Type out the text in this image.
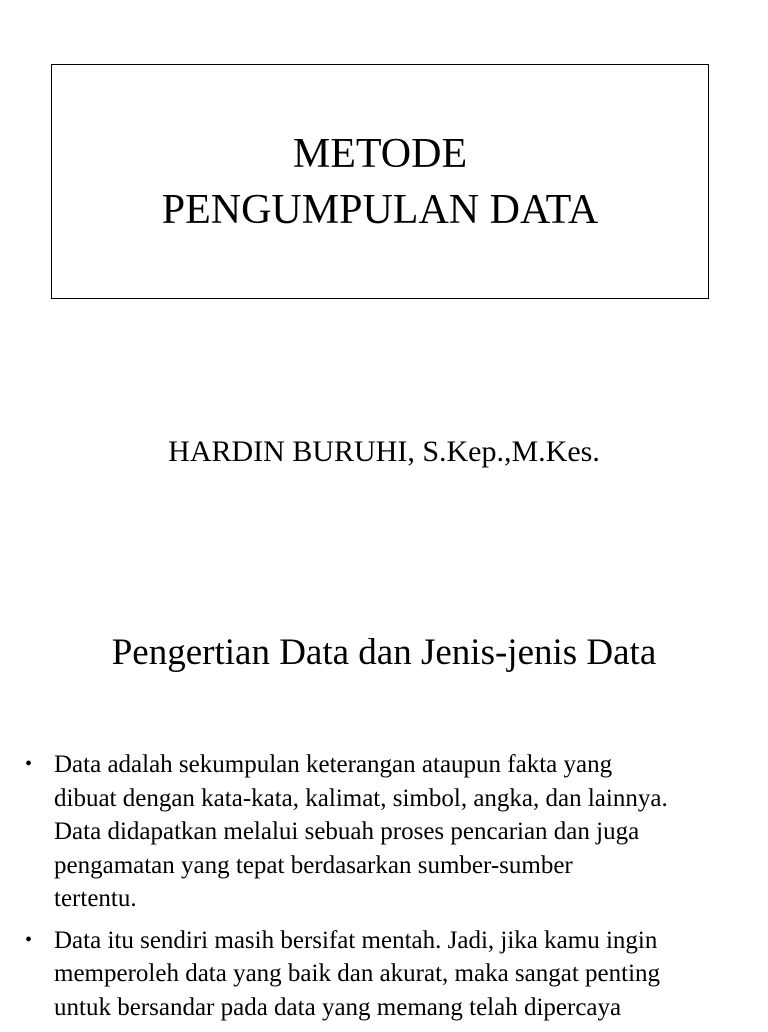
METODE
PENGUMPULAN DATA
HARDIN BURUHI, S.Kep.,M.Kes.
Pengertian Data dan Jenis-jenis Data
• Data adalah sekumpulan keterangan ataupun fakta yang
dibuat dengan kata-kata, kalimat, simbol, angka, dan lainnya.
Data didapatkan melalui sebuah proses pencarian dan juga
pengamatan yang tepat berdasarkan sumber-sumber
tertentu.
• Data itu sendiri masih bersifat mentah. Jadi, jika kamu ingin
memperoleh data yang baik dan akurat, maka sangat penting
untuk bersandar pada data yang memang telah dipercaya
